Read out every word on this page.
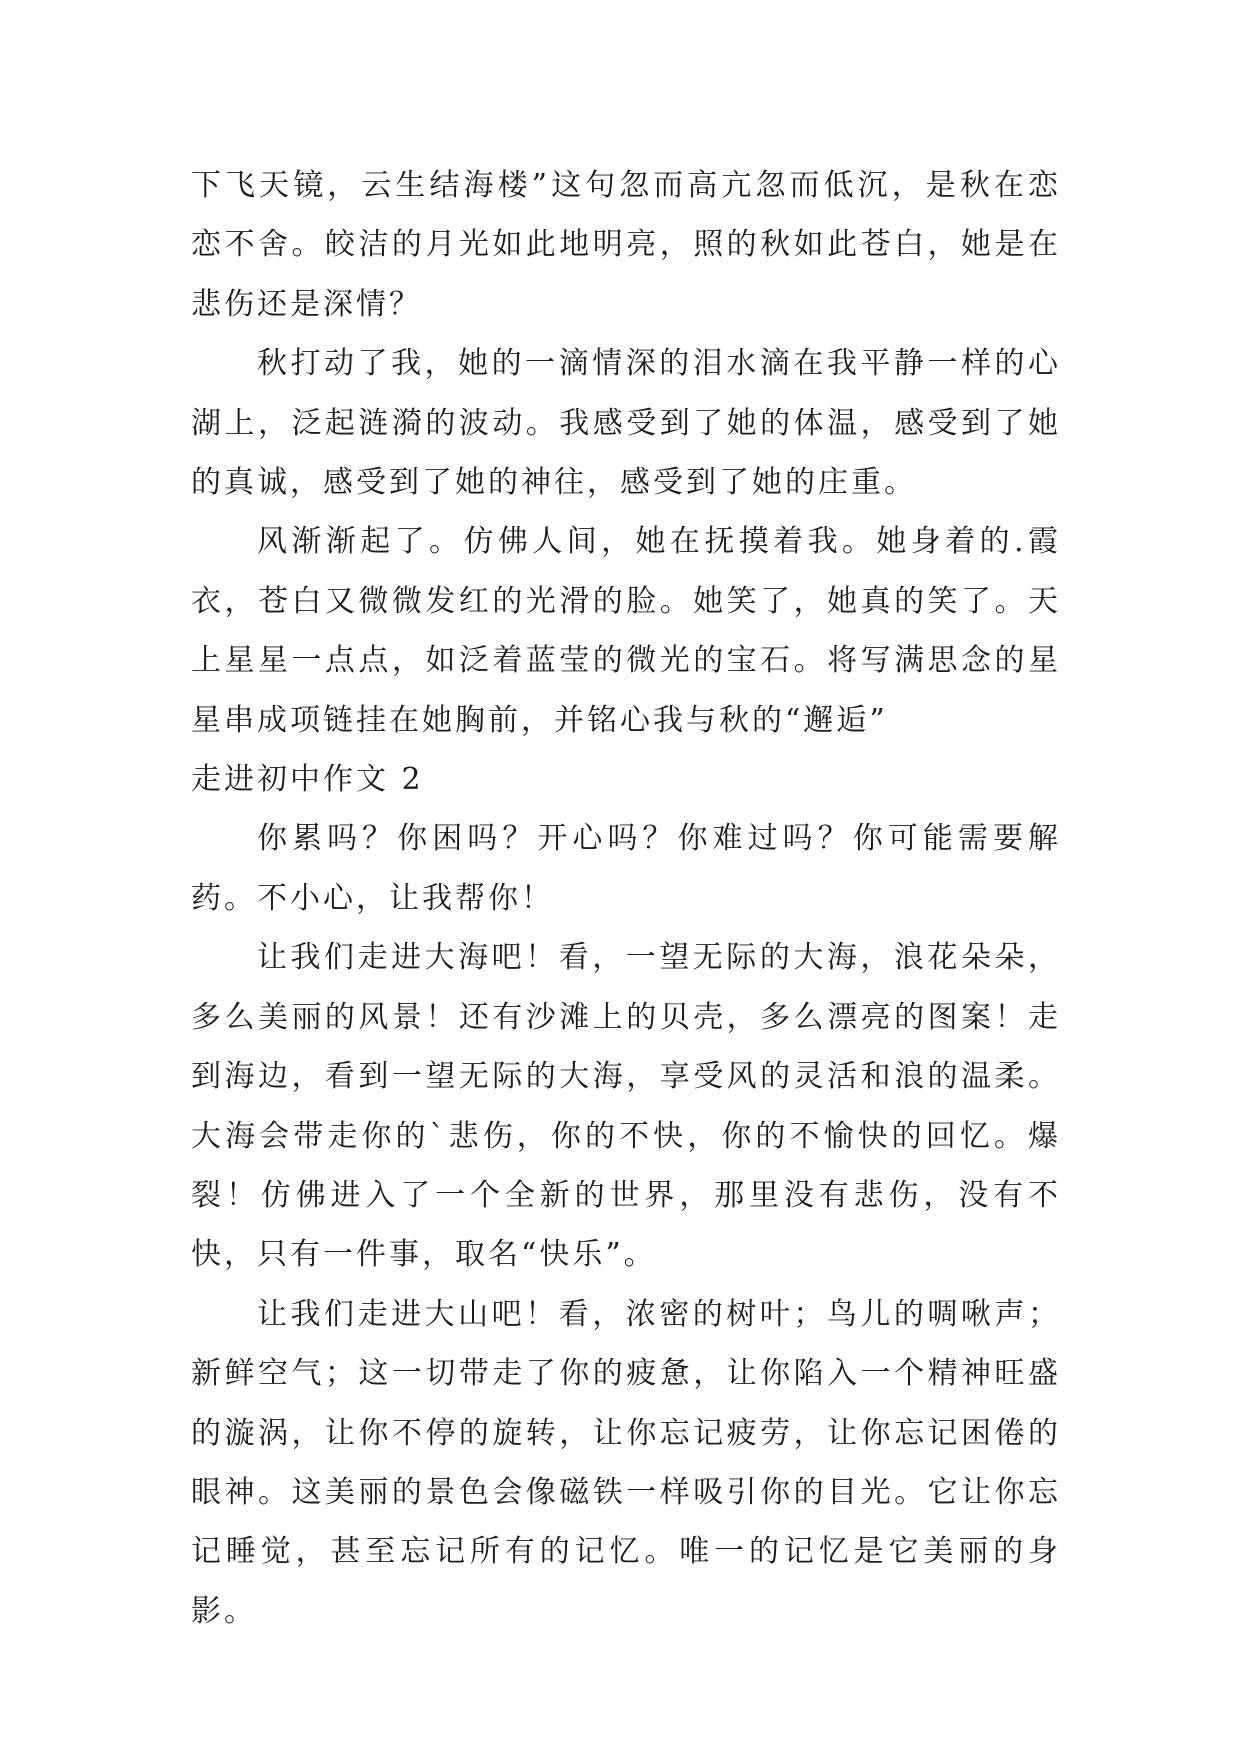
下飞天镜，云生结海楼”这句忽而高亢忽而低沉，是秋在恋恋不舍。皎洁的月光如此地明亮，照的秋如此苍白，她是在悲伤还是深情？

秋打动了我，她的一滴情深的泪水滴在我平静一样的心湖上，泛起涟漪的波动。我感受到了她的体温，感受到了她的真诚，感受到了她的神往，感受到了她的庄重。

风渐渐起了。仿佛人间，她在抚摸着我。她身着的.霞衣，苍白又微微发红的光滑的脸。她笑了，她真的笑了。天上星星一点点，如泛着蓝莹的微光的宝石。将写满思念的星星串成项链挂在她胸前，并铭心我与秋的“邂逅”

走进初中作文 2

你累吗？你困吗？开心吗？你难过吗？你可能需要解药。不小心，让我帮你！

让我们走进大海吧！看，一望无际的大海，浪花朵朵，多么美丽的风景！还有沙滩上的贝壳，多么漂亮的图案！走到海边，看到一望无际的大海，享受风的灵活和浪的温柔。大海会带走你的`悲伤，你的不快，你的不愉快的回忆。爆裂！仿佛进入了一个全新的世界，那里没有悲伤，没有不快，只有一件事，取名“快乐”。

让我们走进大山吧！看，浓密的树叶；鸟儿的啁啾声；新鲜空气；这一切带走了你的疲惫，让你陷入一个精神旺盛的漩涡，让你不停的旋转，让你忘记疲劳，让你忘记困倦的眼神。这美丽的景色会像磁铁一样吸引你的目光。它让你忘记睡觉，甚至忘记所有的记忆。唯一的记忆是它美丽的身影。
